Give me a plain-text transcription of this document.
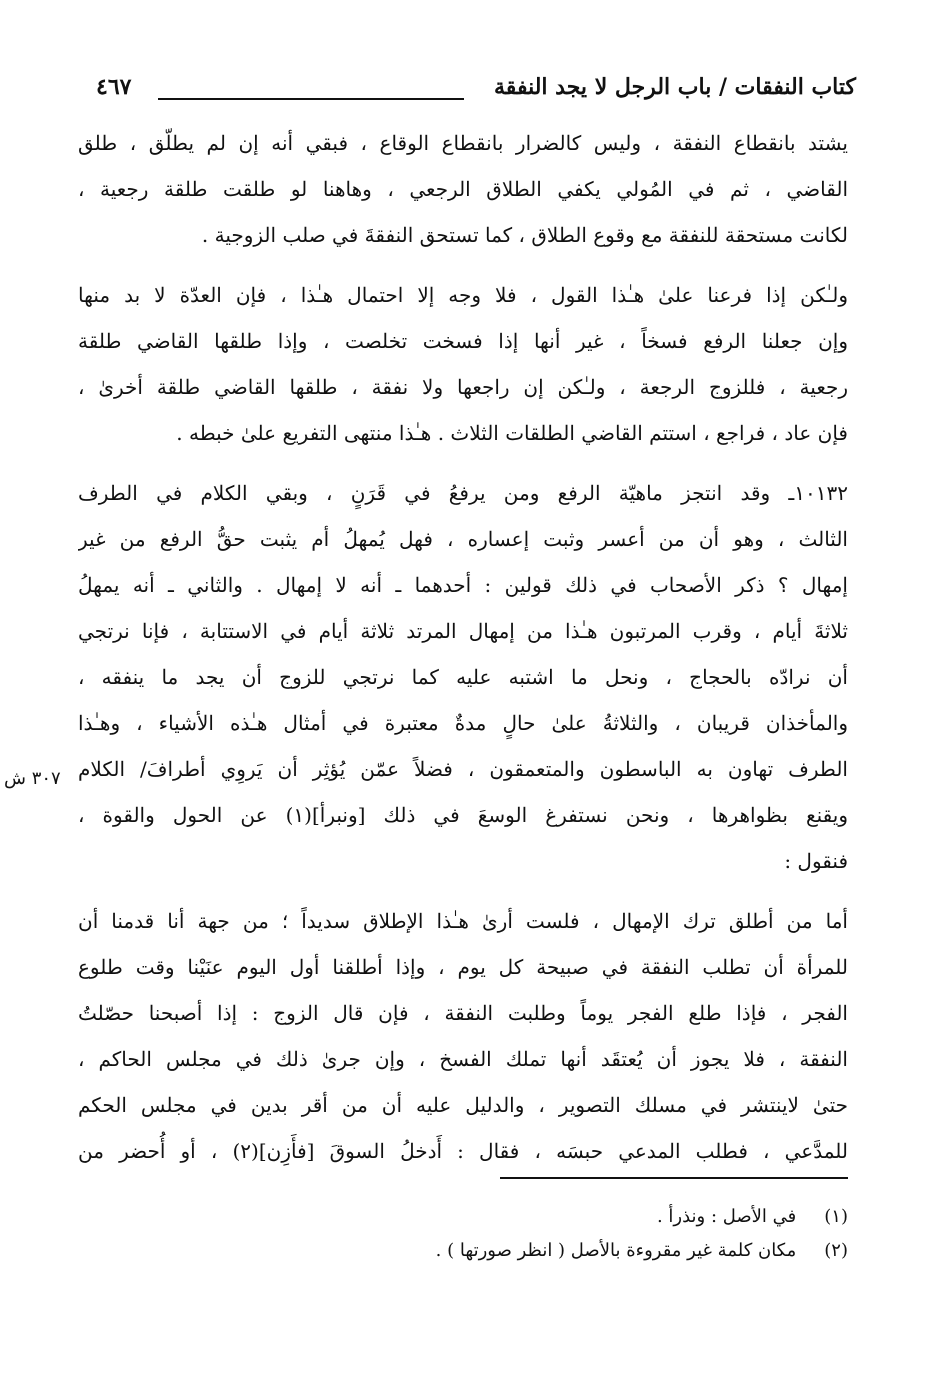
كتاب النفقات / باب الرجل لا يجد النفقة
٤٦٧
٣٠٧ ش
يشتد بانقطاع النفقة ، وليس كالضرار بانقطاع الوقاع ، فبقي أنه إن لم يطلّق ، طلق
القاضي ، ثم في المُولي يكفي الطلاق الرجعي ، وهاهنا لو طلقت طلقة رجعية ،
لكانت مستحقة للنفقة مع وقوع الطلاق ، كما تستحق النفقةَ في صلب الزوجية .
ولـٰكن إذا فرعنا علىٰ هـٰذا القول ، فلا وجه إلا احتمال هـٰذا ، فإن العدّة لا بد منها
وإن جعلنا الرفع فسخاً ، غير أنها إذا فسخت تخلصت ، وإذا طلقها القاضي طلقة
رجعية ، فللزوج الرجعة ، ولـٰكن إن راجعها ولا نفقة ، طلقها القاضي طلقة أخرىٰ ،
فإن عاد ، فراجع ، استتم القاضي الطلقات الثلاث . هـٰذا منتهى التفريع علىٰ خبطه .
١٠١٣٢ـ وقد انتجز ماهيّة الرفع ومن يرفعُ في قَرَنٍ ، وبقي الكلام في الطرف
الثالث ، وهو أن من أعسر وثبت إعساره ، فهل يُمهلُ أم يثبت حقُّ الرفع من غير
إمهال ؟ ذكر الأصحاب في ذلك قولين : أحدهما ـ أنه لا إمهال . والثاني ـ أنه يمهلُ
ثلاثةَ أيام ، وقرب المرتبون هـٰذا من إمهال المرتد ثلاثة أيام في الاستتابة ، فإنا نرتجي
أن نرادّه بالحجاج ، ونحل ما اشتبه عليه كما نرتجي للزوج أن يجد ما ينفقه ،
والمأخذان قريبان ، والثلاثةُ علىٰ حالٍ مدةٌ معتبرة في أمثال هـٰذه الأشياء ، وهـٰذا
الطرف تهاون به الباسطون والمتعمقون ، فضلاً عمّن يُؤثِر أن يَروِي أطرافَ/ الكلام
ويقنع بظواهرها ، ونحن نستفرغ الوسعَ في ذلك [ونبرأ](١) عن الحول والقوة ،
فنقول :
أما من أطلق ترك الإمهال ، فلست أرىٰ هـٰذا الإطلاق سديداً ؛ من جهة أنا قدمنا أن
للمرأة أن تطلب النفقة في صبيحة كل يوم ، وإذا أطلقنا أول اليوم عنَيْنا وقت طلوع
الفجر ، فإذا طلع الفجر يوماً وطلبت النفقة ، فإن قال الزوج : إذا أصبحنا حصّلتُ
النفقة ، فلا يجوز أن يُعتقَد أنها تملك الفسخ ، وإن جرىٰ ذلك في مجلس الحاكم ،
حتىٰ لاينتشر في مسلك التصوير ، والدليل عليه أن من أقر بدين في مجلس الحكم
للمدَّعي ، فطلب المدعي حبسَه ، فقال : أَدخلُ السوقَ [فأَزِن](٢) ، أو أُحضر من
(١) في الأصل : ونذرأ .
(٢) مكان كلمة غير مقروءة بالأصل ( انظر صورتها ) .
